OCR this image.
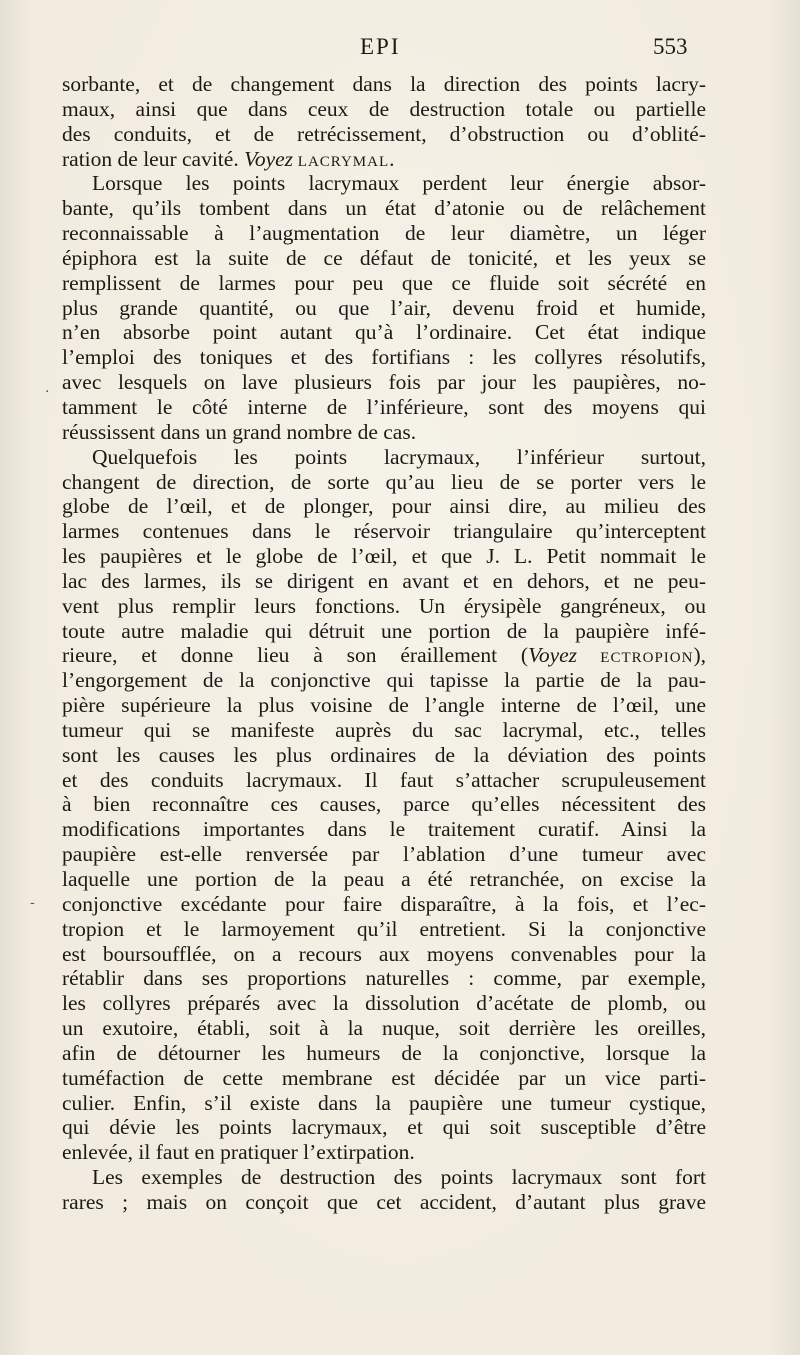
EPI	553
.
-
sorbante, et de changement dans la direction des points lacry-
maux, ainsi que dans ceux de destruction totale ou partielle
des conduits, et de retrécissement, d’obstruction ou d’oblité-
ration de leur cavité. Voyez LACRYMAL.
Lorsque les points lacrymaux perdent leur énergie absor-
bante, qu’ils tombent dans un état d’atonie ou de relâchement
reconnaissable à l’augmentation de leur diamètre, un léger
épiphora est la suite de ce défaut de tonicité, et les yeux se
remplissent de larmes pour peu que ce fluide soit sécrété en
plus grande quantité, ou que l’air, devenu froid et humide,
n’en absorbe point autant qu’à l’ordinaire. Cet état indique
l’emploi des toniques et des fortifians : les collyres résolutifs,
avec lesquels on lave plusieurs fois par jour les paupières, no-
tamment le côté interne de l’inférieure, sont des moyens qui
réussissent dans un grand nombre de cas.
Quelquefois les points lacrymaux, l’inférieur surtout,
changent de direction, de sorte qu’au lieu de se porter vers le
globe de l’œil, et de plonger, pour ainsi dire, au milieu des
larmes contenues dans le réservoir triangulaire qu’interceptent
les paupières et le globe de l’œil, et que J. L. Petit nommait le
lac des larmes, ils se dirigent en avant et en dehors, et ne peu-
vent plus remplir leurs fonctions. Un érysipèle gangréneux, ou
toute autre maladie qui détruit une portion de la paupière infé-
rieure, et donne lieu à son éraillement (Voyez ECTROPION),
l’engorgement de la conjonctive qui tapisse la partie de la pau-
pière supérieure la plus voisine de l’angle interne de l’œil, une
tumeur qui se manifeste auprès du sac lacrymal, etc., telles
sont les causes les plus ordinaires de la déviation des points
et des conduits lacrymaux. Il faut s’attacher scrupuleusement
à bien reconnaître ces causes, parce qu’elles nécessitent des
modifications importantes dans le traitement curatif. Ainsi la
paupière est-elle renversée par l’ablation d’une tumeur avec
laquelle une portion de la peau a été retranchée, on excise la
conjonctive excédante pour faire disparaître, à la fois, et l’ec-
tropion et le larmoyement qu’il entretient. Si la conjonctive
est boursoufflée, on a recours aux moyens convenables pour la
rétablir dans ses proportions naturelles : comme, par exemple,
les collyres préparés avec la dissolution d’acétate de plomb, ou
un exutoire, établi, soit à la nuque, soit derrière les oreilles,
afin de détourner les humeurs de la conjonctive, lorsque la
tuméfaction de cette membrane est décidée par un vice parti-
culier. Enfin, s’il existe dans la paupière une tumeur cystique,
qui dévie les points lacrymaux, et qui soit susceptible d’être
enlevée, il faut en pratiquer l’extirpation.
Les exemples de destruction des points lacrymaux sont fort
rares ; mais on conçoit que cet accident, d’autant plus grave
